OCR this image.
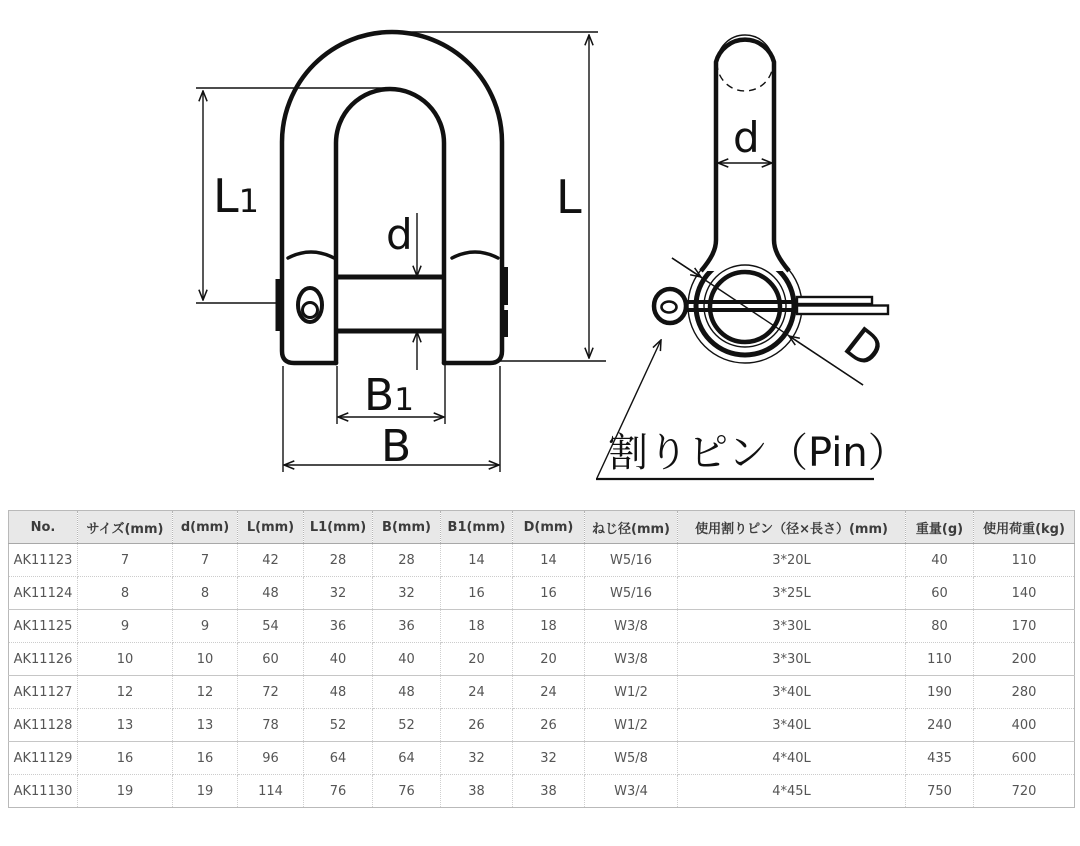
L1	L
d
B1
B
d
D
割りピン（Pin）
No.	サイズ(mm)	d(mm)	L(mm)	L1(mm)	B(mm)	B1(mm)	D(mm)	ねじ径(mm)	使用割りピン（径×長さ）(mm)	重量(g)	使用荷重(kg)
AK11123	7	7	42	28	28	14	14	W5/16	3*20L	40	110
AK11124	8	8	48	32	32	16	16	W5/16	3*25L	60	140
AK11125	9	9	54	36	36	18	18	W3/8	3*30L	80	170
AK11126	10	10	60	40	40	20	20	W3/8	3*30L	110	200
AK11127	12	12	72	48	48	24	24	W1/2	3*40L	190	280
AK11128	13	13	78	52	52	26	26	W1/2	3*40L	240	400
AK11129	16	16	96	64	64	32	32	W5/8	4*40L	435	600
AK11130	19	19	114	76	76	38	38	W3/4	4*45L	750	720
